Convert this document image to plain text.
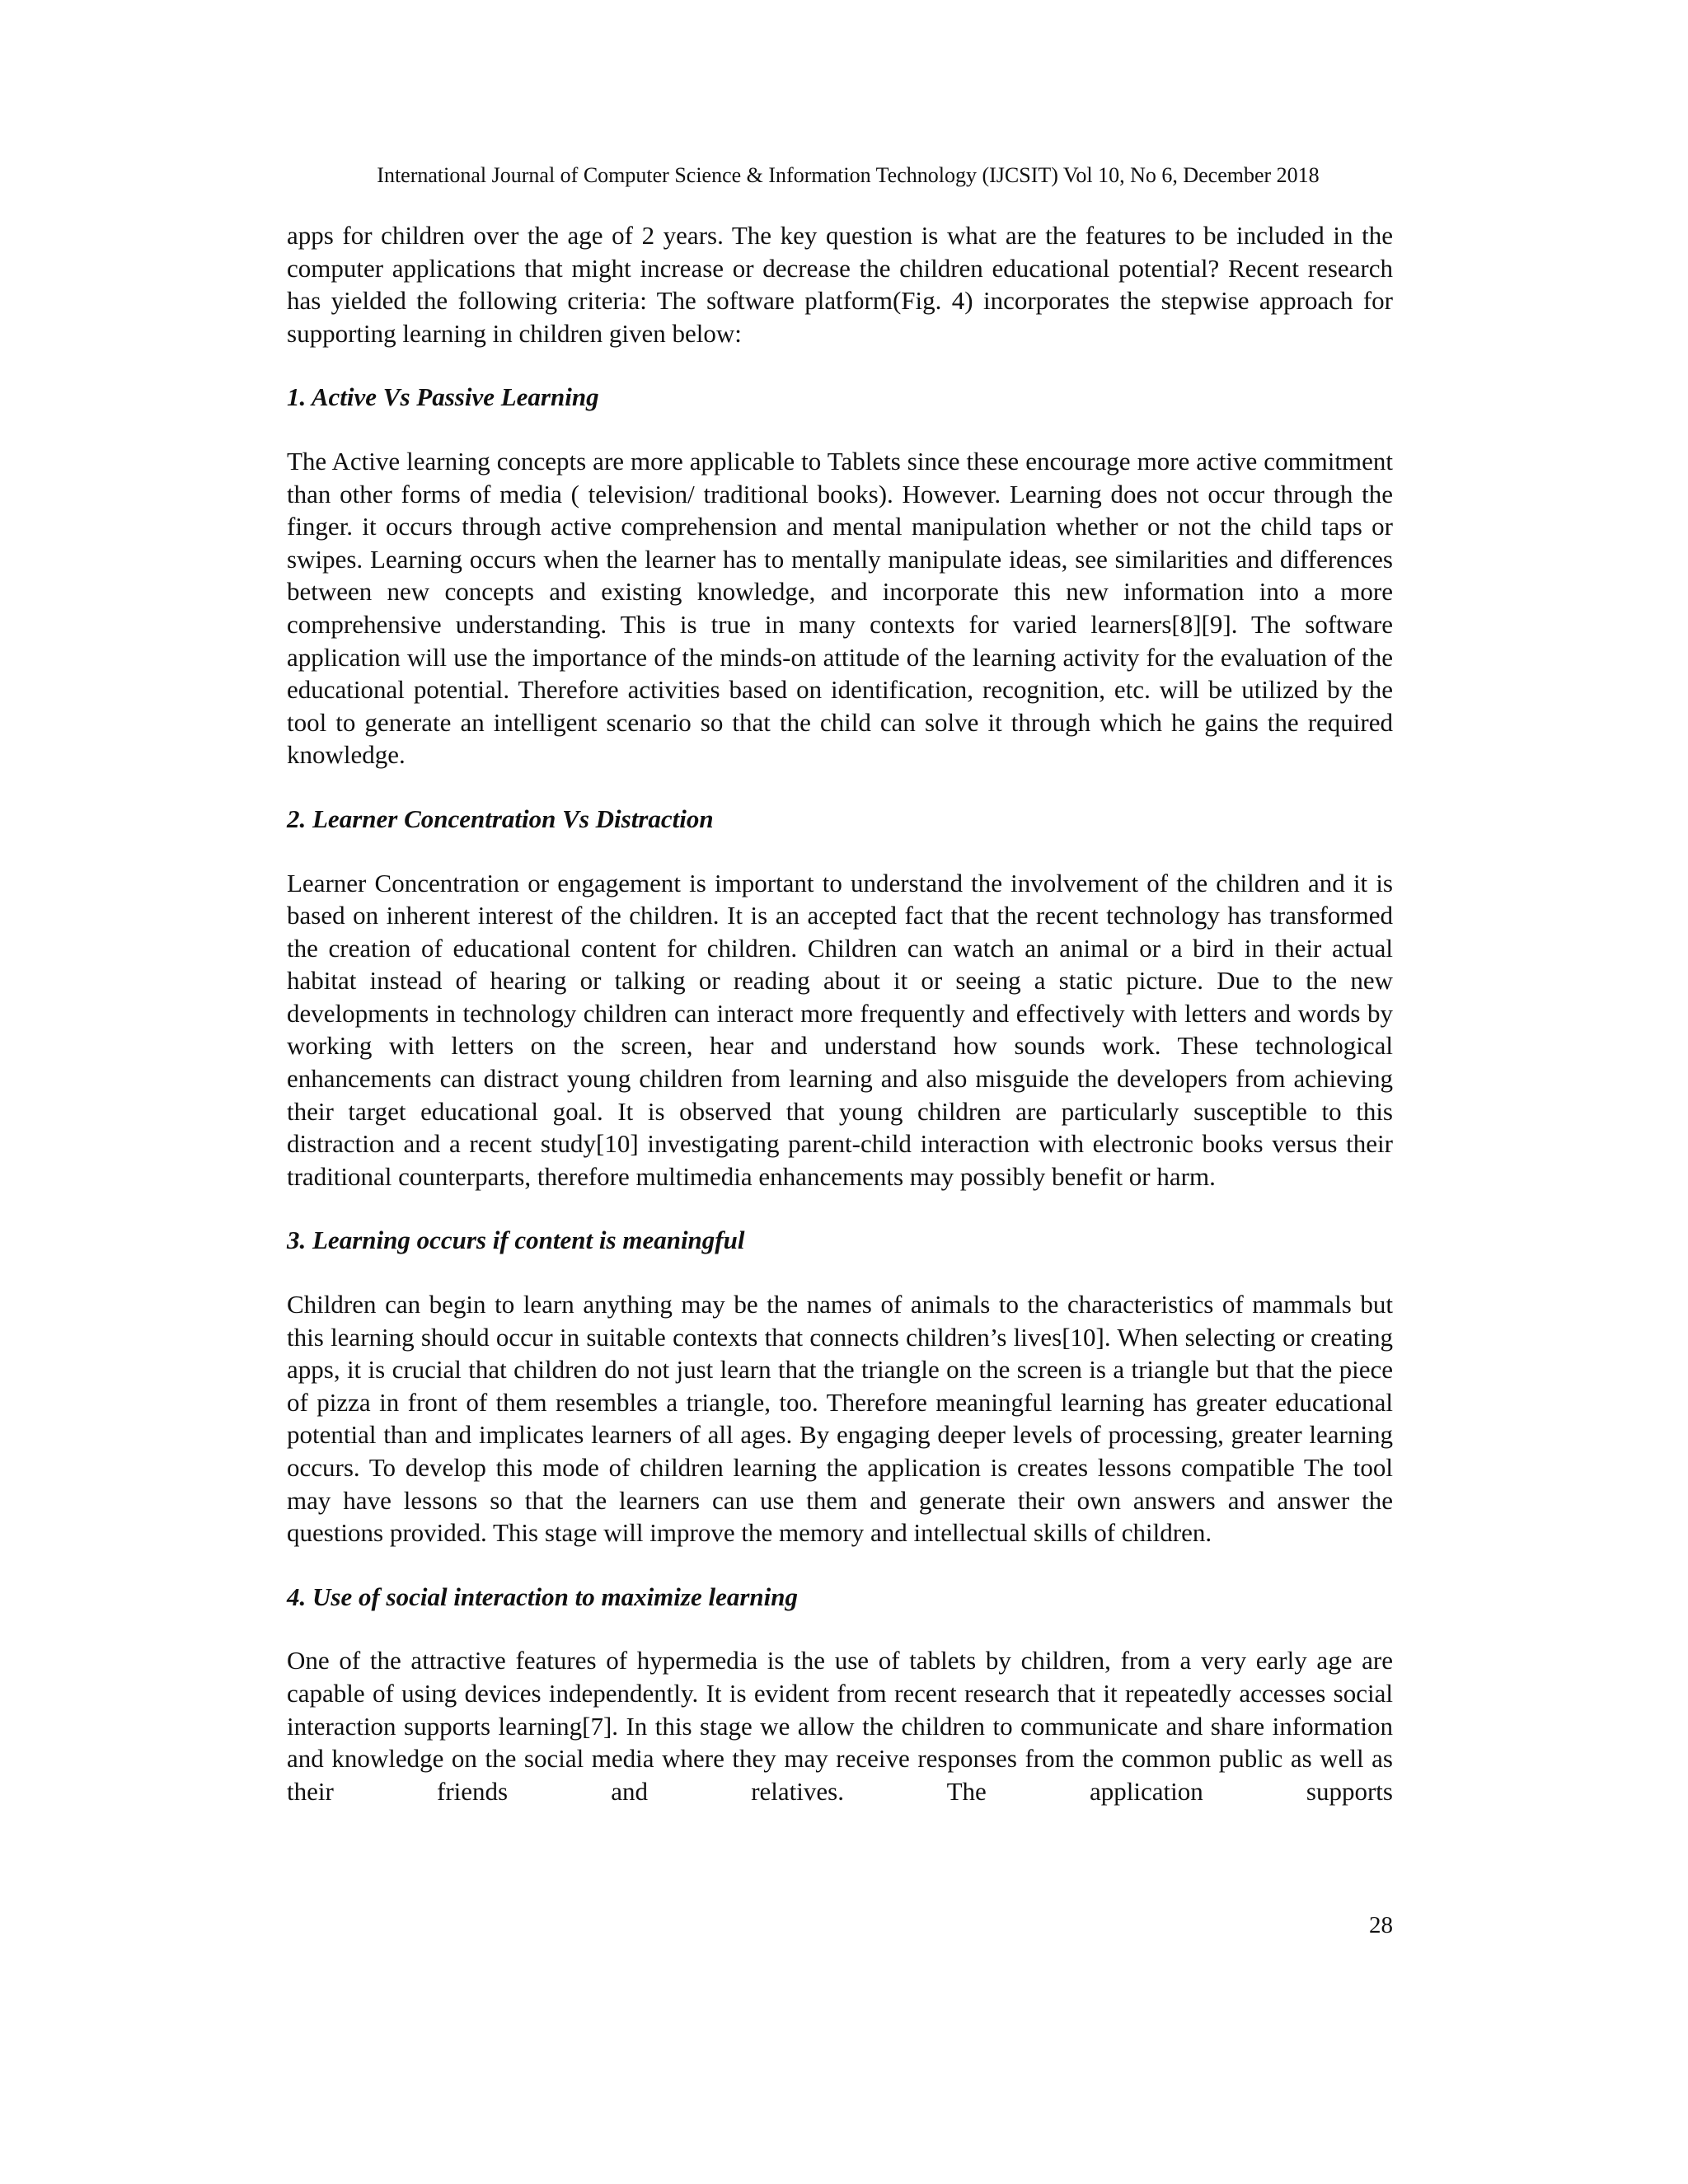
International Journal of Computer Science & Information Technology (IJCSIT) Vol 10, No 6, December 2018

apps for children over the age of 2 years. The key question is what are the features to be included in the computer applications that might increase or decrease the children educational potential? Recent research has yielded the following criteria: The software platform(Fig. 4) incorporates the stepwise approach for supporting learning in children given below:

1. Active Vs Passive Learning

The Active learning concepts are more applicable to Tablets since these encourage more active commitment than other forms of media ( television/ traditional books). However. Learning does not occur through the finger. it occurs through active comprehension and mental manipulation whether or not the child taps or swipes. Learning occurs when the learner has to mentally manipulate ideas, see similarities and differences between new concepts and existing knowledge, and incorporate this new information into a more comprehensive understanding. This is true in many contexts for varied learners[8][9]. The software application will use the importance of the minds-on attitude of the learning activity for the evaluation of the educational potential. Therefore activities based on identification, recognition, etc. will be utilized by the tool to generate an intelligent scenario so that the child can solve it through which he gains the required knowledge.

2. Learner Concentration Vs Distraction

Learner Concentration or engagement is important to understand the involvement of the children and it is based on inherent interest of the children. It is an accepted fact that the recent technology has transformed the creation of educational content for children. Children can watch an animal or a bird in their actual habitat instead of hearing or talking or reading about it or seeing a static picture. Due to the new developments in technology children can interact more frequently and effectively with letters and words by working with letters on the screen, hear and understand how sounds work. These technological enhancements can distract young children from learning and also misguide the developers from achieving their target educational goal. It is observed that young children are particularly susceptible to this distraction and a recent study[10] investigating parent-child interaction with electronic books versus their traditional counterparts, therefore multimedia enhancements may possibly benefit or harm.

3. Learning occurs if content is meaningful

Children can begin to learn anything may be the names of animals to the characteristics of mammals but this learning should occur in suitable contexts that connects children’s lives[10]. When selecting or creating apps, it is crucial that children do not just learn that the triangle on the screen is a triangle but that the piece of pizza in front of them resembles a triangle, too. Therefore meaningful learning has greater educational potential than and implicates learners of all ages. By engaging deeper levels of processing, greater learning occurs. To develop this mode of children learning the application is creates lessons compatible The tool may have lessons so that the learners can use them and generate their own answers and answer the questions provided. This stage will improve the memory and intellectual skills of children.

4. Use of social interaction to maximize learning

One of the attractive features of hypermedia is the use of tablets by children, from a very early age are capable of using devices independently. It is evident from recent research that it repeatedly accesses social interaction supports learning[7]. In this stage we allow the children to communicate and share information and knowledge on the social media where they may receive responses from the common public as well as their friends and relatives. The application supports

28
